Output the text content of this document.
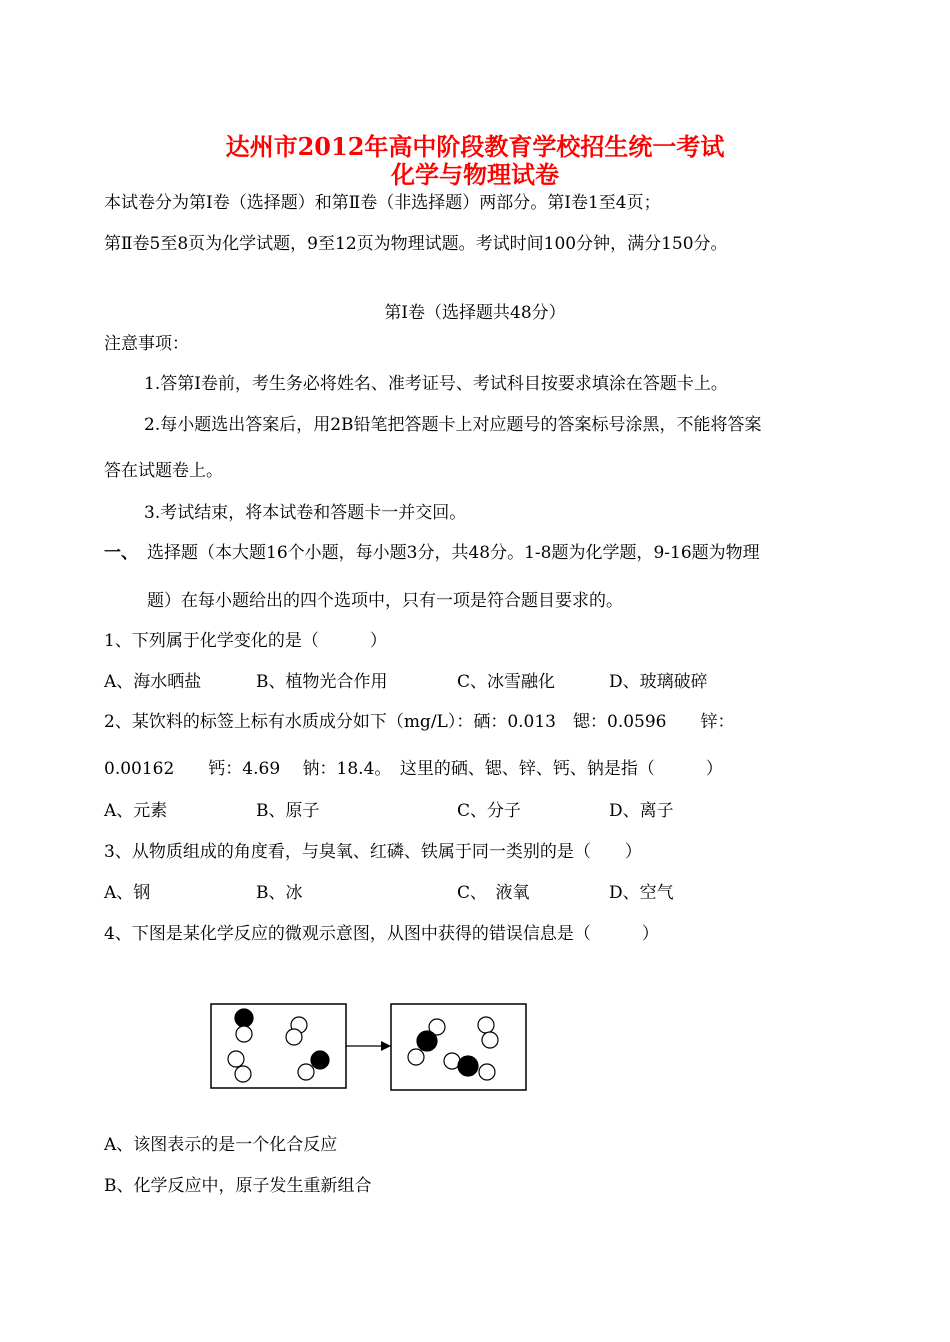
达州市2012年高中阶段教育学校招生统一考试
化学与物理试卷
本试卷分为第Ⅰ卷（选择题）和第Ⅱ卷（非选择题）两部分。第Ⅰ卷1至4页；
第Ⅱ卷5至8页为化学试题，9至12页为物理试题。考试时间100分钟，满分150分。
第Ⅰ卷（选择题共48分）
注意事项：
1.答第Ⅰ卷前，考生务必将姓名、准考证号、考试科目按要求填涂在答题卡上。
2.每小题选出答案后，用2B铅笔把答题卡上对应题号的答案标号涂黑，不能将答案
答在试题卷上。
3.考试结束，将本试卷和答题卡一并交回。
一、 选择题（本大题16个小题，每小题3分，共48分。1-8题为化学题，9-16题为物理
题）在每小题给出的四个选项中，只有一项是符合题目要求的。
1、下列属于化学变化的是（　　　）
A、海水晒盐	B、植物光合作用	C、冰雪融化	D、玻璃破碎
2、某饮料的标签上标有水质成分如下（mg/L）：硒：0.013　锶：0.0596　　锌：
0.00162　　钙：4.69　 钠：18.4。　这里的硒、锶、锌、钙、钠是指（　　　）
A、元素	B、原子	C、分子	D、离子
3、从物质组成的角度看，与臭氧、红磷、铁属于同一类别的是（　　）
A、钢	B、冰	C、　液氧	D、空气
4、下图是某化学反应的微观示意图，从图中获得的错误信息是（　　　）
A、该图表示的是一个化合反应
B、化学反应中，原子发生重新组合
